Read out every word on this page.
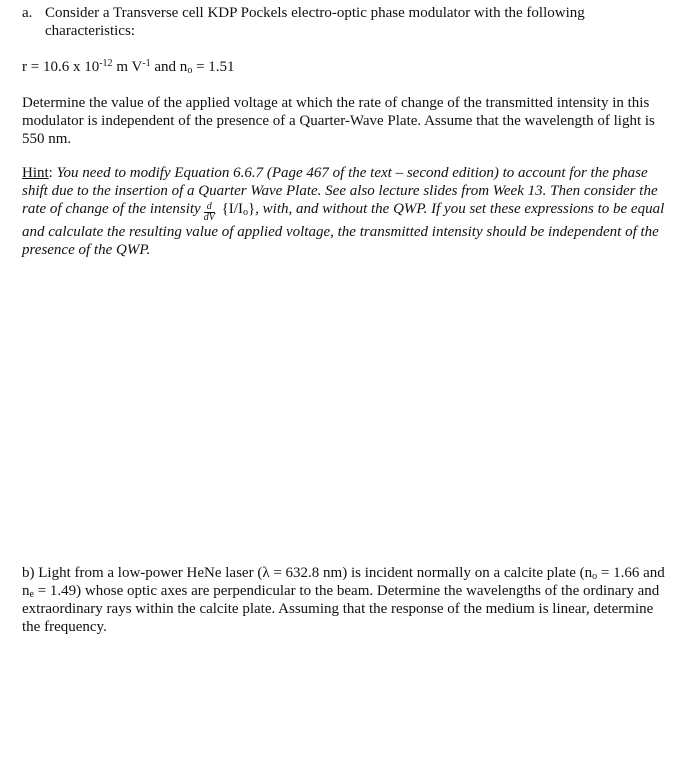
a. Consider a Transverse cell KDP Pockels electro-optic phase modulator with the following characteristics:
r = 10.6 x $10^{-12}$ m $V^{-1}$ and $n_o = 1.51$
Determine the value of the applied voltage at which the rate of change of the transmitted intensity in this modulator is independent of the presence of a Quarter-Wave Plate. Assume that the wavelength of light is 550 nm.
Hint: You need to modify Equation 6.6.7 (Page 467 of the text – second edition) to account for the phase shift due to the insertion of a Quarter Wave Plate. See also lecture slides from Week 13. Then consider the rate of change of the intensity $\frac{d}{dV} \{I/I_o\}$, with, and without the QWP. If you set these expressions to be equal and calculate the resulting value of applied voltage, the transmitted intensity should be independent of the presence of the QWP.
b) Light from a low-power HeNe laser (λ = 632.8 nm) is incident normally on a calcite plate ($n_o = 1.66$ and $n_e = 1.49$) whose optic axes are perpendicular to the beam. Determine the wavelengths of the ordinary and extraordinary rays within the calcite plate. Assuming that the response of the medium is linear, determine the frequency.
